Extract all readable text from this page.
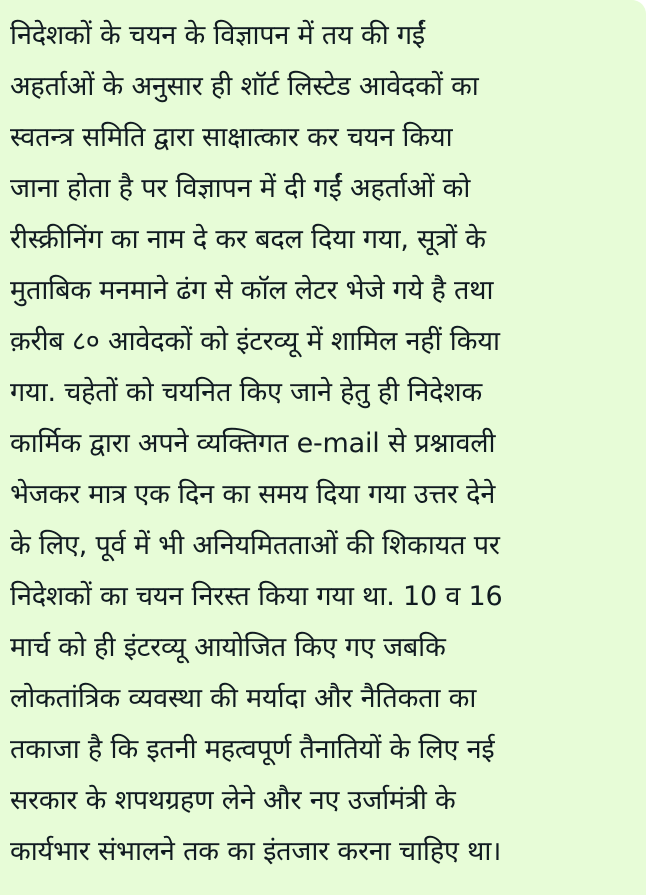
निदेशकों के चयन के विज्ञापन में तय की गईं
अहर्ताओं के अनुसार ही शॉर्ट लिस्टेड आवेदकों का
स्वतन्त्र समिति द्वारा साक्षात्कार कर चयन किया
जाना होता है पर विज्ञापन में दी गईं अहर्ताओं को
रीस्क्रीनिंग का नाम दे कर बदल दिया गया, सूत्रों के
मुताबिक मनमाने ढंग से कॉल लेटर भेजे गये है तथा
क़रीब ८० आवेदकों को इंटरव्यू में शामिल नहीं किया
गया. चहेतों को चयनित किए जाने हेतु ही निदेशक
कार्मिक द्वारा अपने व्यक्तिगत e-mail से प्रश्नावली
भेजकर मात्र एक दिन का समय दिया गया उत्तर देने
के लिए, पूर्व में भी अनियमितताओं की शिकायत पर
निदेशकों का चयन निरस्त किया गया था. 10 व 16
मार्च को ही इंटरव्यू आयोजित किए गए जबकि
लोकतांत्रिक व्यवस्था की मर्यादा और नैतिकता का
तकाजा है कि इतनी महत्वपूर्ण तैनातियों के लिए नई
सरकार के शपथग्रहण लेने और नए उर्जामंत्री के
कार्यभार संभालने तक का इंतजार करना चाहिए था।
